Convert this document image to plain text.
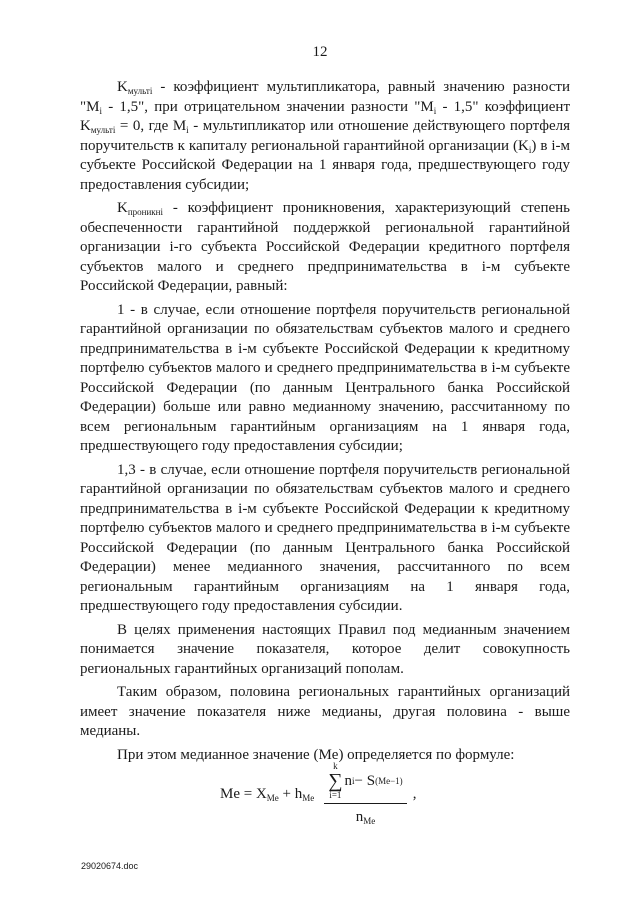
12

$K_{мульті}$ - коэффициент мультипликатора, равный значению разности "$M_i - 1,5$", при отрицательном значении разности "$M_i - 1,5$" коэффициент $K_{мультi} = 0$, где $M_i$ - мультипликатор или отношение действующего портфеля поручительств к капиталу региональной гарантийной организации $(K_i)$ в i-м субъекте Российской Федерации на 1 января года, предшествующего году предоставления субсидии;

$K_{проникні}$ - коэффициент проникновения, характеризующий степень обеспеченности гарантийной поддержкой региональной гарантийной организации i-го субъекта Российской Федерации кредитного портфеля субъектов малого и среднего предпринимательства в i-м субъекте Российской Федерации, равный:

1 - в случае, если отношение портфеля поручительств региональной гарантийной организации по обязательствам субъектов малого и среднего предпринимательства в i-м субъекте Российской Федерации к кредитному портфелю субъектов малого и среднего предпринимательства в i-м субъекте Российской Федерации (по данным Центрального банка Российской Федерации) больше или равно медианному значению, рассчитанному по всем региональным гарантийным организациям на 1 января года, предшествующего году предоставления субсидии;

1,3 - в случае, если отношение портфеля поручительств региональной гарантийной организации по обязательствам субъектов малого и среднего предпринимательства в i-м субъекте Российской Федерации к кредитному портфелю субъектов малого и среднего предпринимательства в i-м субъекте Российской Федерации (по данным Центрального банка Российской Федерации) менее медианного значения, рассчитанного по всем региональным гарантийным организациям на 1 января года, предшествующего году предоставления субсидии.

В целях применения настоящих Правил под медианным значением понимается значение показателя, которое делит совокупность региональных гарантийных организаций пополам.

Таким образом, половина региональных гарантийных организаций имеет значение показателя ниже медианы, другая половина - выше медианы.

При этом медианное значение (Me) определяется по формуле:

$Me = X_{Me} + h_{Me}$ k
∑
i=1
n i − S (Me−1)
$n_{Me}$ ,
29020674.doc
